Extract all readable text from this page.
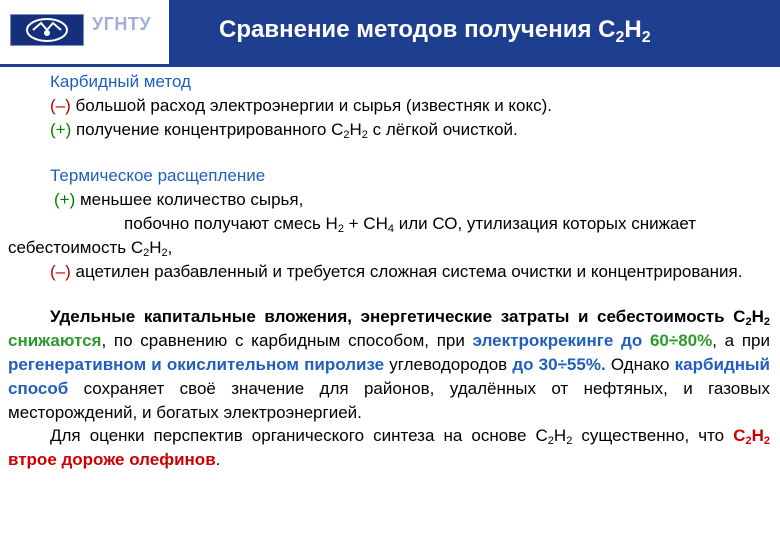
УГНТУ	Сравнение методов получения $С_2Н_2$
Карбидный метод
(–) большой расход электроэнергии и сырья (известняк и кокс).
(+) получение концентрированного $С_2Н_2$ с лёгкой очисткой.
Термическое расщепление
(+) меньшее количество сырья,
побочно получают смесь $Н_2 + СН_4$ или СО, утилизация которых снижает
себестоимость $С_2Н_2$,
(–) ацетилен разбавленный и требуется сложная система очистки и концентрирования.
Удельные капитальные вложения, энергетические затраты и себестоимость $С_2Н_2$ снижаются, по сравнению с карбидным способом, при электрокрекинге до 60÷80%, а при регенеративном и окислительном пиролизе углеводородов до 30÷55%. Однако карбидный способ сохраняет своё значение для районов, удалённых от нефтяных, и газовых месторождений, и богатых электроэнергией.
Для оценки перспектив органического синтеза на основе $С_2Н_2$ существенно, что $С_2Н_2$ втрое дороже олефинов.
